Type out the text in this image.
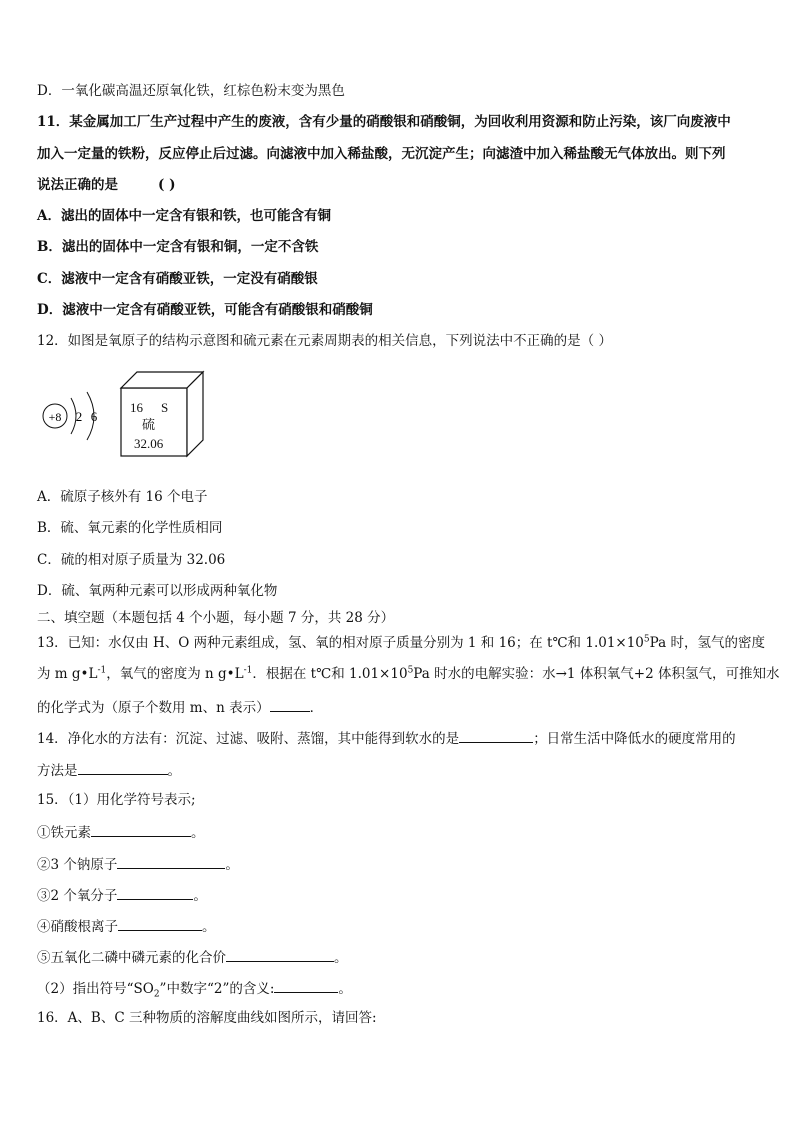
D．一氧化碳高温还原氧化铁，红棕色粉末变为黑色
11．某金属加工厂生产过程中产生的废液，含有少量的硝酸银和硝酸铜，为回收利用资源和防止污染，该厂向废液中
加入一定量的铁粉，反应停止后过滤。向滤液中加入稀盐酸，无沉淀产生；向滤渣中加入稀盐酸无气体放出。则下列
说法正确的是	( )
A．滤出的固体中一定含有银和铁，也可能含有铜
B．滤出的固体中一定含有银和铜，一定不含铁
C．滤液中一定含有硝酸亚铁，一定没有硝酸银
D．滤液中一定含有硝酸亚铁，可能含有硝酸银和硝酸铜
12．如图是氧原子的结构示意图和硫元素在元素周期表的相关信息，下列说法中不正确的是（ ）
+8 2 6
16 S
硫
32.06
A．硫原子核外有 16 个电子
B．硫、氧元素的化学性质相同
C．硫的相对原子质量为 32.06
D．硫、氧两种元素可以形成两种氧化物
二、填空题（本题包括 4 个小题，每小题 7 分，共 28 分）
13．已知：水仅由 H、O 两种元素组成，氢、氧的相对原子质量分别为 1 和 16；在 t℃和 $1.01\times 10^5Pa$ 时，氢气的密度
为 m $g•L^{-1}$，氧气的密度为 n $g•L^{-1}$．根据在 t℃和 $1.01\times 10^5Pa$ 时水的电解实验：水→1 体积氧气+2 体积氢气，可推知水
的化学式为（原子个数用 m、n 表示）	．
14．净化水的方法有：沉淀、过滤、吸附、蒸馏，其中能得到软水的是	；日常生活中降低水的硬度常用的
方法是	。
15．（1）用化学符号表示;
①铁元素	。
②3 个钠原子	。
③2 个氧分子	。
④硝酸根离子	。
⑤五氧化二磷中磷元素的化合价	。
（2）指出符号“$SO_2$”中数字“2”的含义:	。
16．A、B、C 三种物质的溶解度曲线如图所示，请回答:
